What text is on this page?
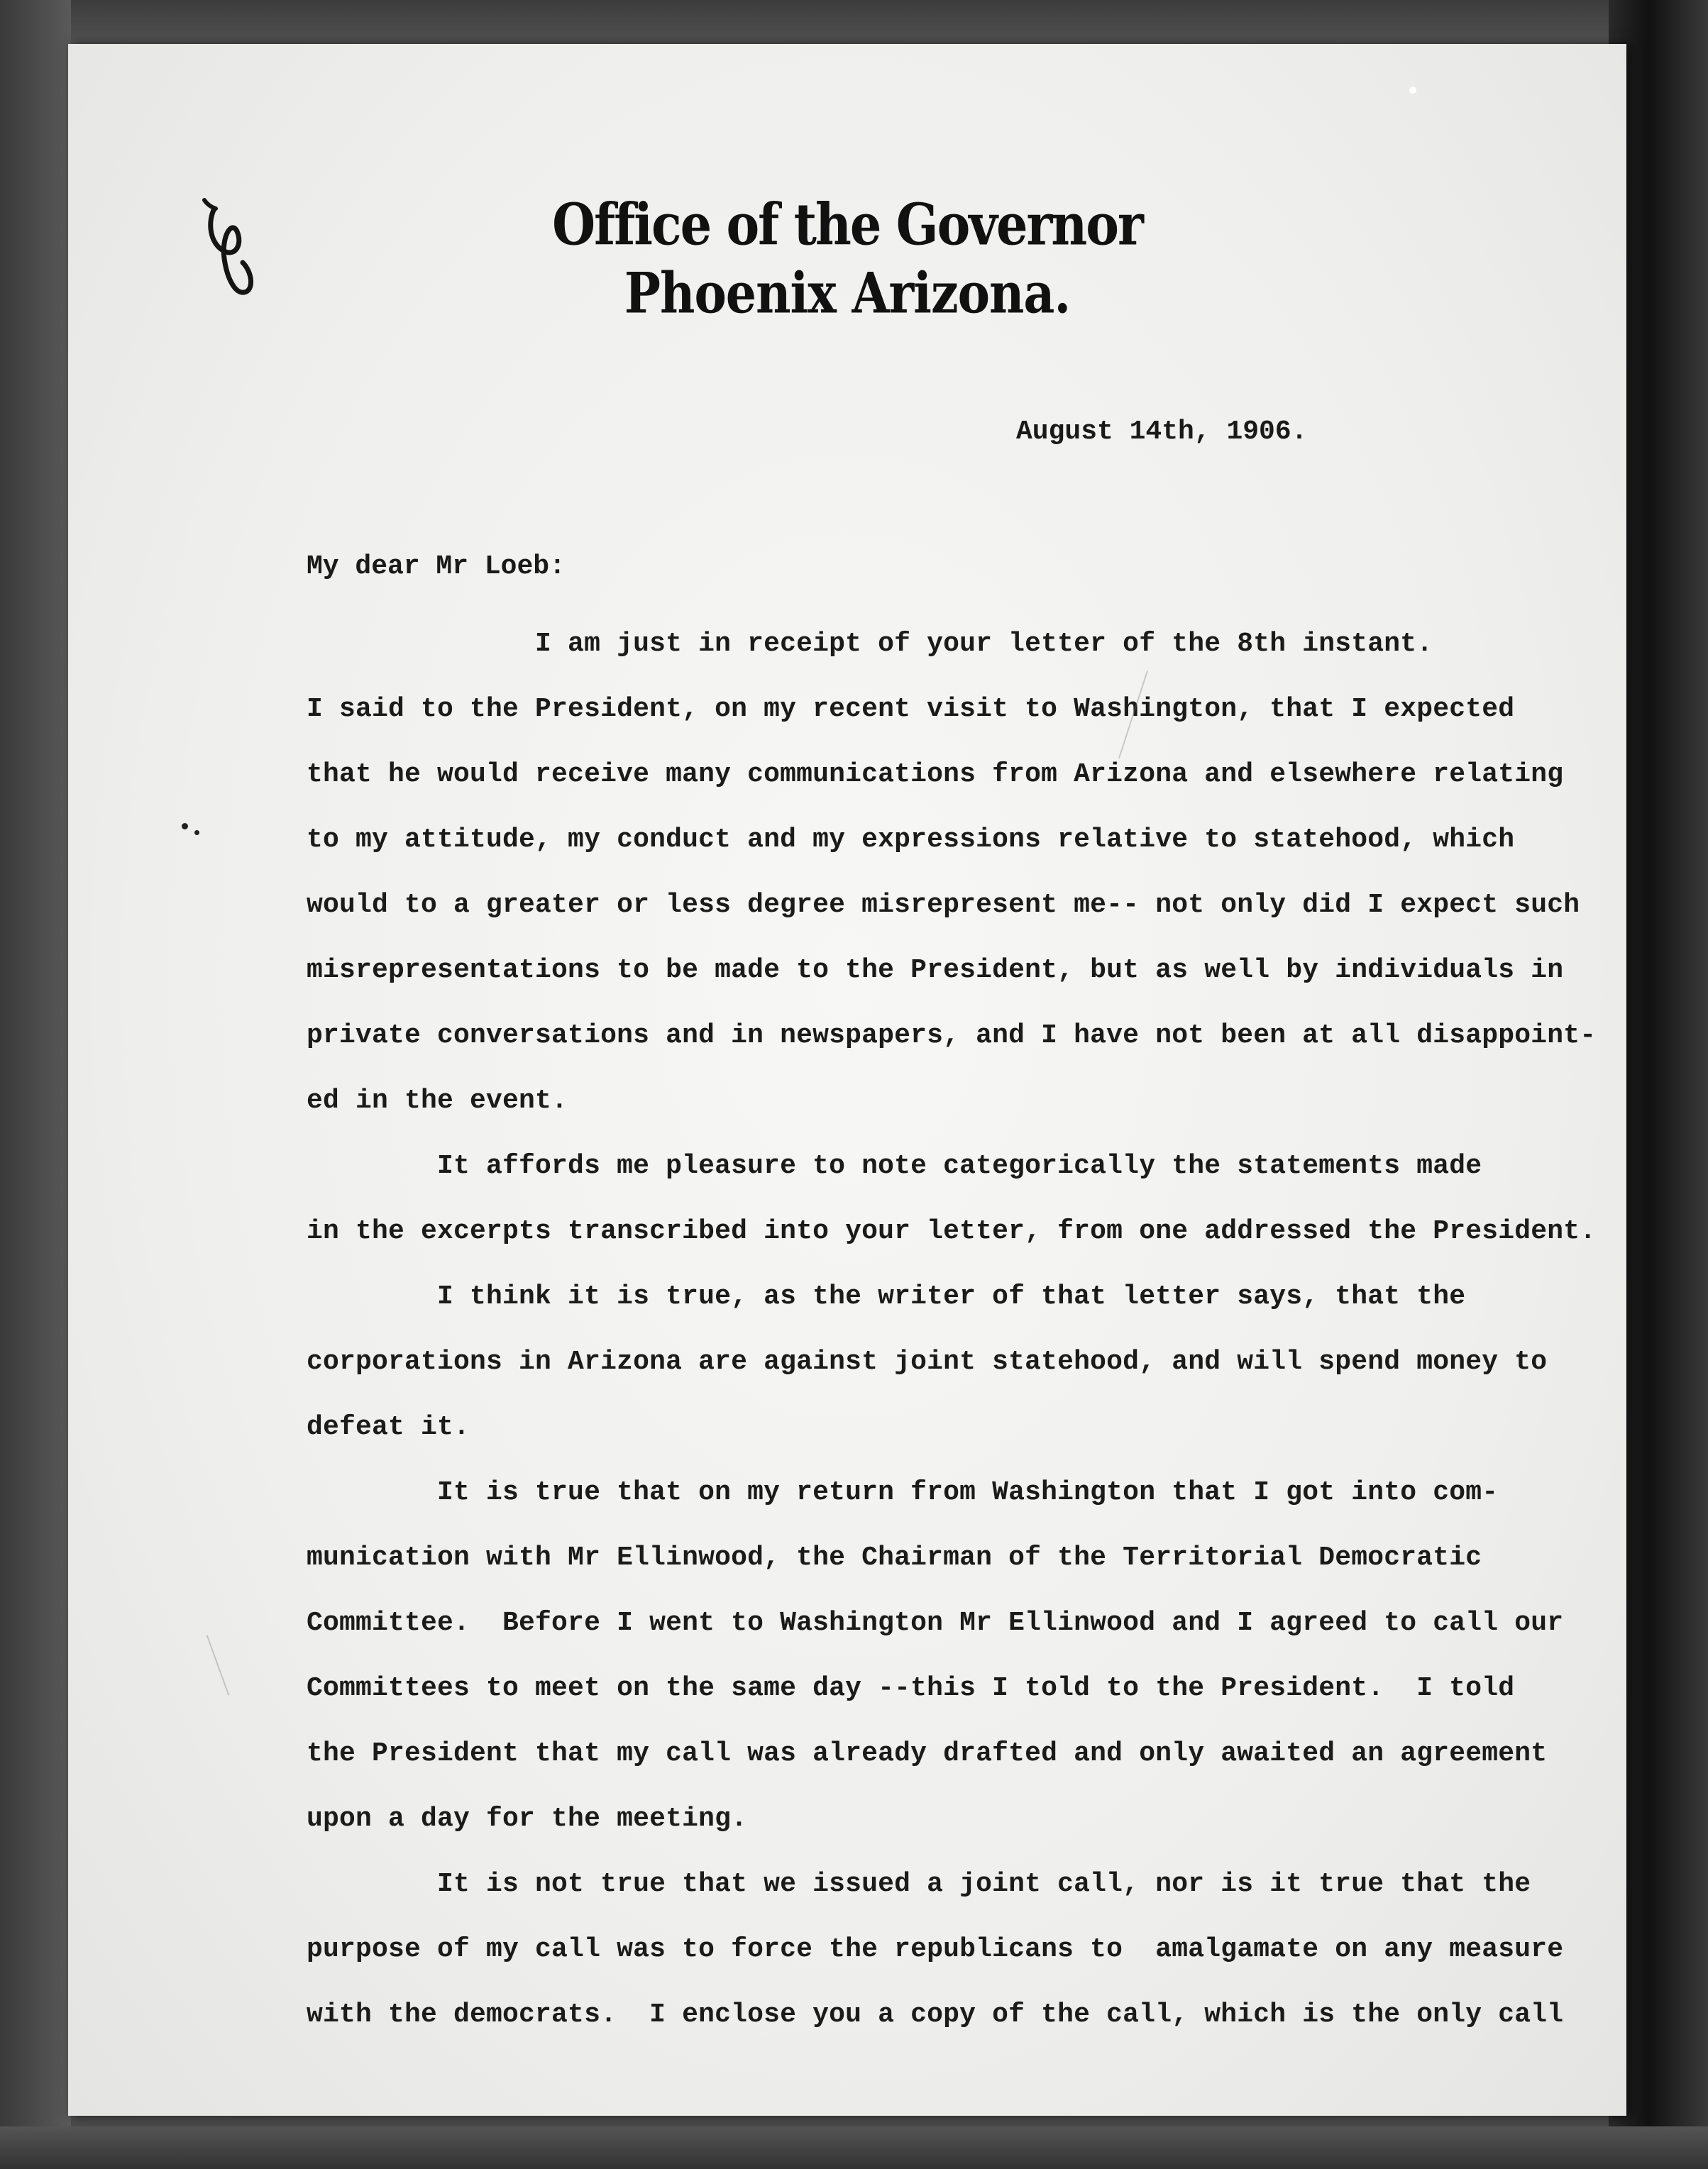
Office of the Governor
Phoenix Arizona.
August 14th, 1906.
My dear Mr Loeb:
I am just in receipt of your letter of the 8th instant.
I said to the President, on my recent visit to Washington, that I expected
that he would receive many communications from Arizona and elsewhere relating
to my attitude, my conduct and my expressions relative to statehood, which
would to a greater or less degree misrepresent me-- not only did I expect such
misrepresentations to be made to the President, but as well by individuals in
private conversations and in newspapers, and I have not been at all disappoint-
ed in the event.
It affords me pleasure to note categorically the statements made
in the excerpts transcribed into your letter, from one addressed the President.
I think it is true, as the writer of that letter says, that the
corporations in Arizona are against joint statehood, and will spend money to
defeat it.
It is true that on my return from Washington that I got into com-
munication with Mr Ellinwood, the Chairman of the Territorial Democratic
Committee.  Before I went to Washington Mr Ellinwood and I agreed to call our
Committees to meet on the same day --this I told to the President.  I told
the President that my call was already drafted and only awaited an agreement
upon a day for the meeting.
It is not true that we issued a joint call, nor is it true that the
purpose of my call was to force the republicans to  amalgamate on any measure
with the democrats.  I enclose you a copy of the call, which is the only call
